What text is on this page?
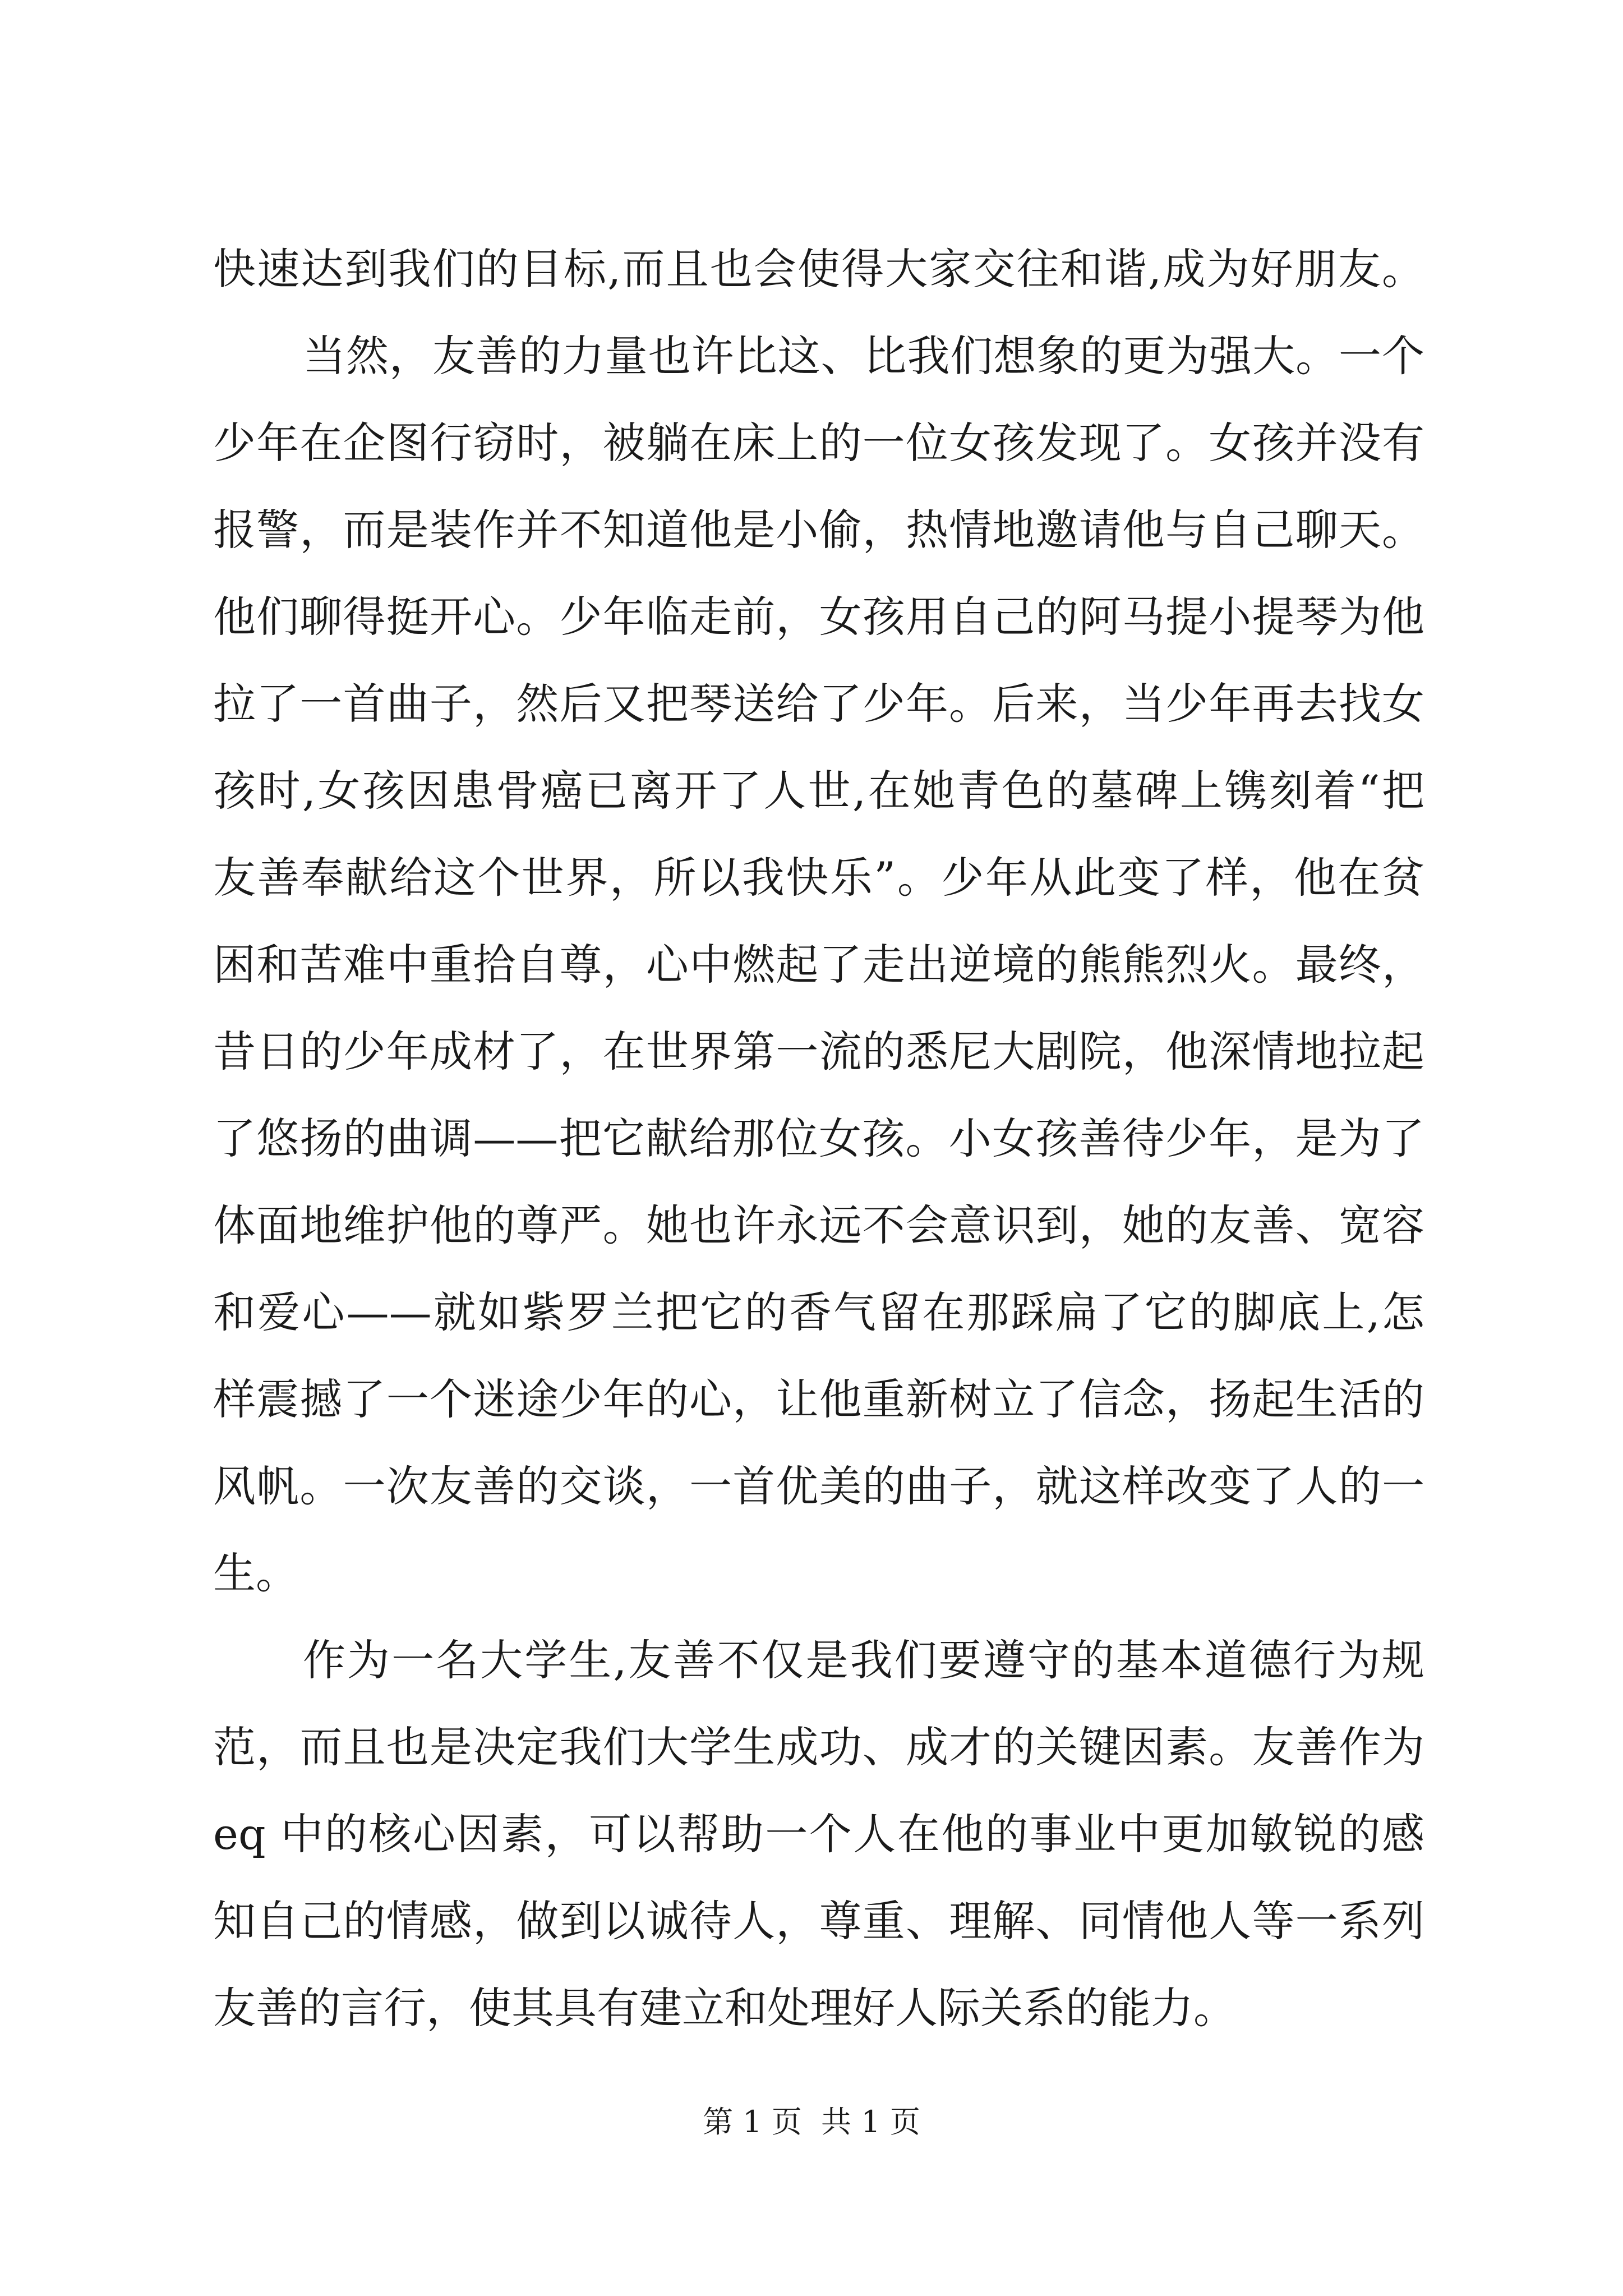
快速达到我们的目标,而且也会使得大家交往和谐,成为好朋友。
当然，友善的力量也许比这、比我们想象的更为强大。一个
少年在企图行窃时，被躺在床上的一位女孩发现了。女孩并没有
报警，而是装作并不知道他是小偷，热情地邀请他与自己聊天。
他们聊得挺开心。少年临走前，女孩用自己的阿马提小提琴为他
拉了一首曲子，然后又把琴送给了少年。后来，当少年再去找女
孩时,女孩因患骨癌已离开了人世,在她青色的墓碑上镌刻着“把
友善奉献给这个世界，所以我快乐”。少年从此变了样，他在贫
困和苦难中重拾自尊，心中燃起了走出逆境的熊熊烈火。最终，
昔日的少年成材了，在世界第一流的悉尼大剧院，他深情地拉起
了悠扬的曲调——把它献给那位女孩。小女孩善待少年，是为了
体面地维护他的尊严。她也许永远不会意识到，她的友善、宽容
和爱心——就如紫罗兰把它的香气留在那踩扁了它的脚底上,怎
样震撼了一个迷途少年的心，让他重新树立了信念，扬起生活的
风帆。一次友善的交谈，一首优美的曲子，就这样改变了人的一
生。
作为一名大学生,友善不仅是我们要遵守的基本道德行为规
范，而且也是决定我们大学生成功、成才的关键因素。友善作为
eq 中的核心因素，可以帮助一个人在他的事业中更加敏锐的感
知自己的情感，做到以诚待人，尊重、理解、同情他人等一系列
友善的言行，使其具有建立和处理好人际关系的能力。
第 1 页  共 1 页
